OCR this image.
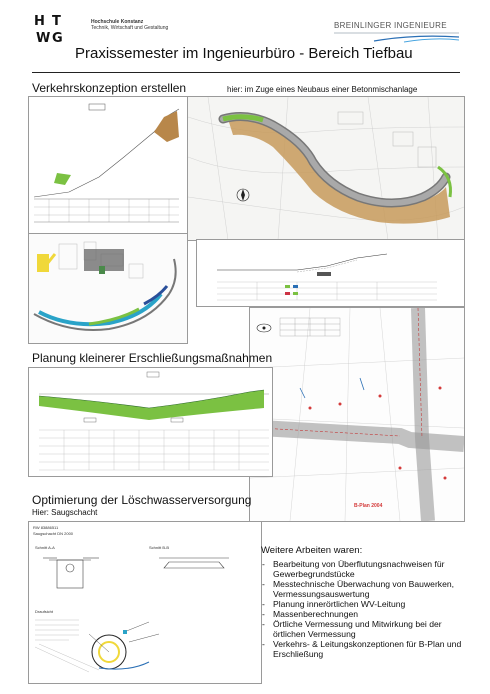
H T
W G
Hochschule Konstanz
Technik, Wirtschaft und Gestaltung	BREINLINGER INGENIEURE
Praxissemester im Ingenieurbüro - Bereich Tiefbau
Verkehrskonzeption erstellen	hier: im Zuge eines Neubaus einer Betonmischanlage
B-Plan 2004
Planung kleinerer Erschließungsmaßnahmen
Optimierung der Löschwasserversorgung
Hier: Saugschacht
RW 83886511
Saugschacht DN 2000
Schnitt A-A	Schnitt B-B
Draufsicht
Weitere Arbeiten waren:
- Bearbeitung von Überflutungsnachweisen für Gewerbegrundstücke
- Messtechnische Überwachung von Bauwerken, Vermessungsauswertung
- Planung innerörtlichen WV-Leitung
- Massenberechnungen
- Örtliche Vermessung und Mitwirkung bei der örtlichen Vermessung
- Verkehrs- & Leitungskonzeptionen für B-Plan und Erschließung
